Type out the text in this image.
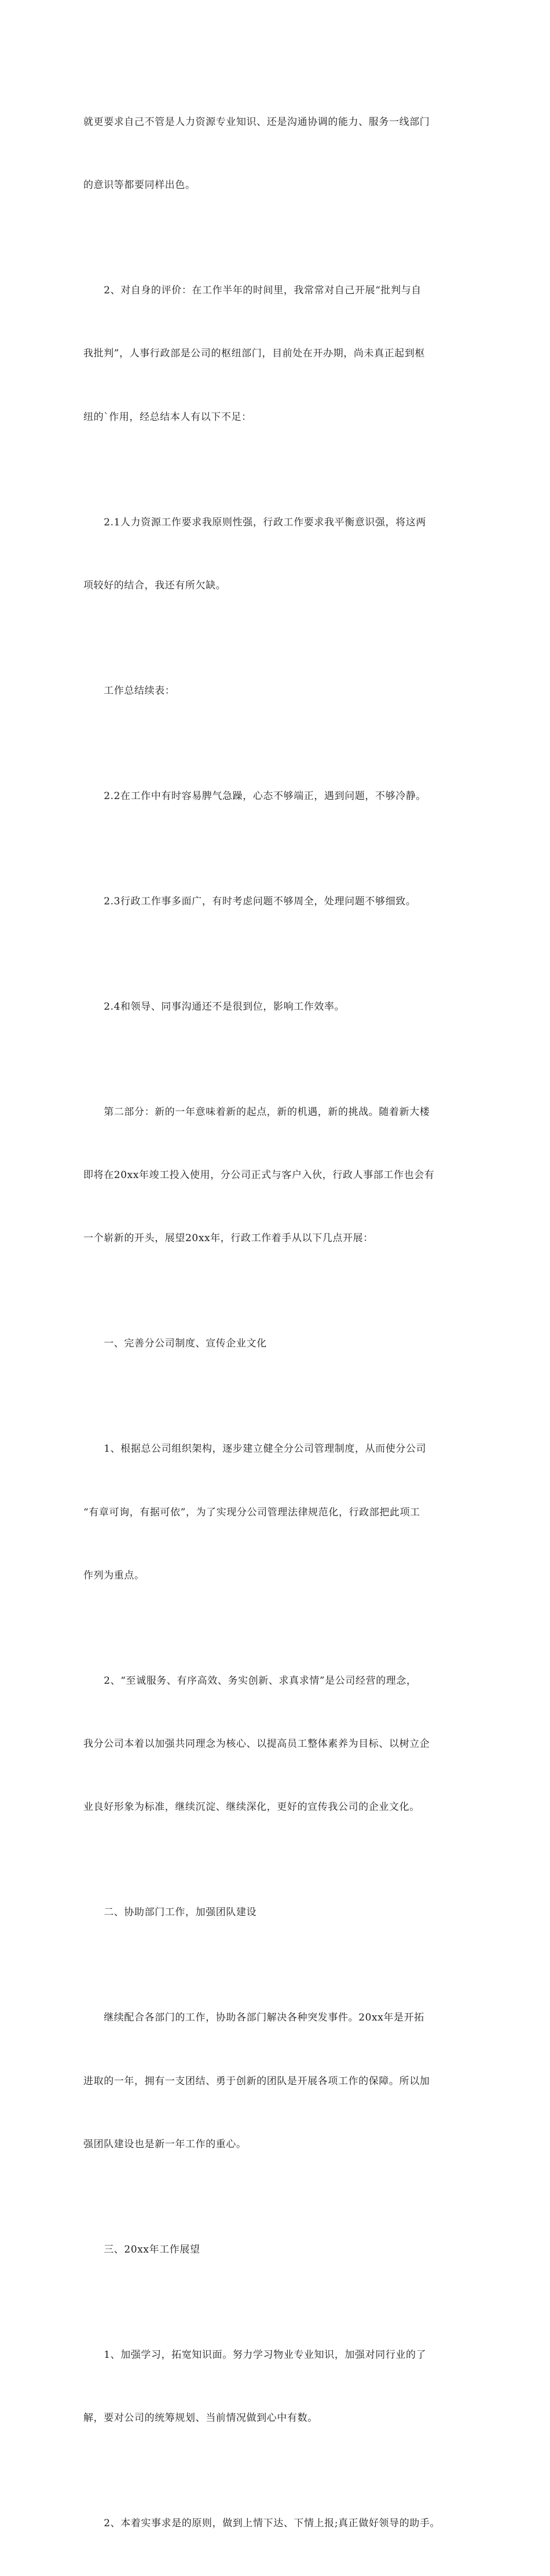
就更要求自己不管是人力资源专业知识、还是沟通协调的能力、服务一线部门

的意识等都要同样出色。

　　2、对自身的评价：在工作半年的时间里，我常常对自己开展“批判与自

我批判”，人事行政部是公司的枢纽部门，目前处在开办期，尚未真正起到枢

纽的`作用，经总结本人有以下不足：

　　2.1人力资源工作要求我原则性强，行政工作要求我平衡意识强，将这两

项较好的结合，我还有所欠缺。

　　工作总结续表：

　　2.2在工作中有时容易脾气急躁，心态不够端正，遇到问题，不够冷静。

　　2.3行政工作事多面广，有时考虑问题不够周全，处理问题不够细致。

　　2.4和领导、同事沟通还不是很到位，影响工作效率。

　　第二部分：新的一年意味着新的起点，新的机遇，新的挑战。随着新大楼

即将在20xx年竣工投入使用，分公司正式与客户入伙，行政人事部工作也会有

一个崭新的开头，展望20xx年，行政工作着手从以下几点开展：

　　一、完善分公司制度、宣传企业文化

　　1、根据总公司组织架构，逐步建立健全分公司管理制度，从而使分公司

“有章可询，有据可依”，为了实现分公司管理法律规范化，行政部把此项工

作列为重点。

　　2、“至诚服务、有序高效、务实创新、求真求情”是公司经营的理念，

我分公司本着以加强共同理念为核心、以提高员工整体素养为目标、以树立企

业良好形象为标准，继续沉淀、继续深化，更好的宣传我公司的企业文化。

　　二、协助部门工作，加强团队建设

　　继续配合各部门的工作，协助各部门解决各种突发事件。20xx年是开拓

进取的一年，拥有一支团结、勇于创新的团队是开展各项工作的保障。所以加

强团队建设也是新一年工作的重心。

　　三、20xx年工作展望

　　1、加强学习，拓宽知识面。努力学习物业专业知识，加强对同行业的了

解，要对公司的统筹规划、当前情况做到心中有数。

　　2、本着实事求是的原则，做到上情下达、下情上报;真正做好领导的助手。
